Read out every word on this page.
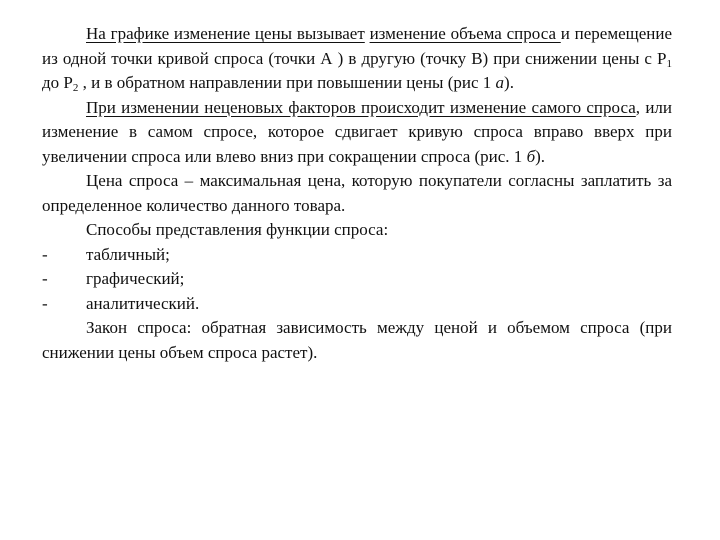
На графике изменение цены вызывает изменение объема спроса и перемещение из одной точки кривой спроса (точки А ) в другую (точку В) при снижении цены с $Р_1$ до $Р_2$ , и в обратном направлении при повышении цены (рис 1 а).

При изменении неценовых факторов происходит изменение самого спроса, или изменение в самом спросе, которое сдвигает кривую спроса вправо вверх при увеличении спроса или влево вниз при сокращении спроса (рис. 1 б).

Цена спроса – максимальная цена, которую покупатели согласны заплатить за определенное количество данного товара.

Способы представления функции спроса:

-	табличный;
-	графический;
-	аналитический.

Закон спроса: обратная зависимость между ценой и объемом спроса (при снижении цены объем спроса растет).
